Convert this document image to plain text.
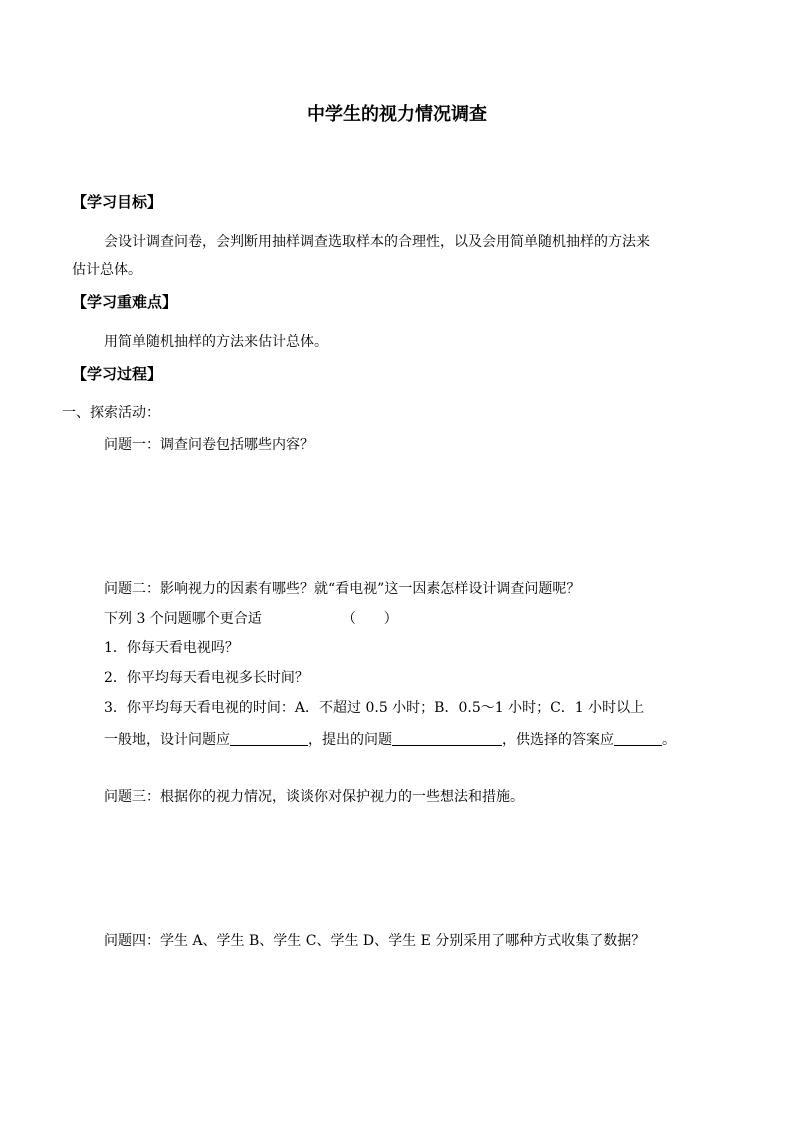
中学生的视力情况调查
【学习目标】
会设计调查问卷，会判断用抽样调查选取样本的合理性，以及会用简单随机抽样的方法来
估计总体。
【学习重难点】
用简单随机抽样的方法来估计总体。
【学习过程】
一、探索活动：
问题一：调查问卷包括哪些内容？
问题二：影响视力的因素有哪些？就“看电视”这一因素怎样设计调查问题呢？
下列 3 个问题哪个更合适	（　　）
1．你每天看电视吗？
2．你平均每天看电视多长时间？
3．你平均每天看电视的时间：A．不超过 0.5 小时；B．0.5～1 小时；C．1 小时以上
一般地，设计问题应	，提出的问题	，供选择的答案应	。
问题三：根据你的视力情况，谈谈你对保护视力的一些想法和措施。
问题四：学生 A、学生 B、学生 C、学生 D、学生 E 分别采用了哪种方式收集了数据？
